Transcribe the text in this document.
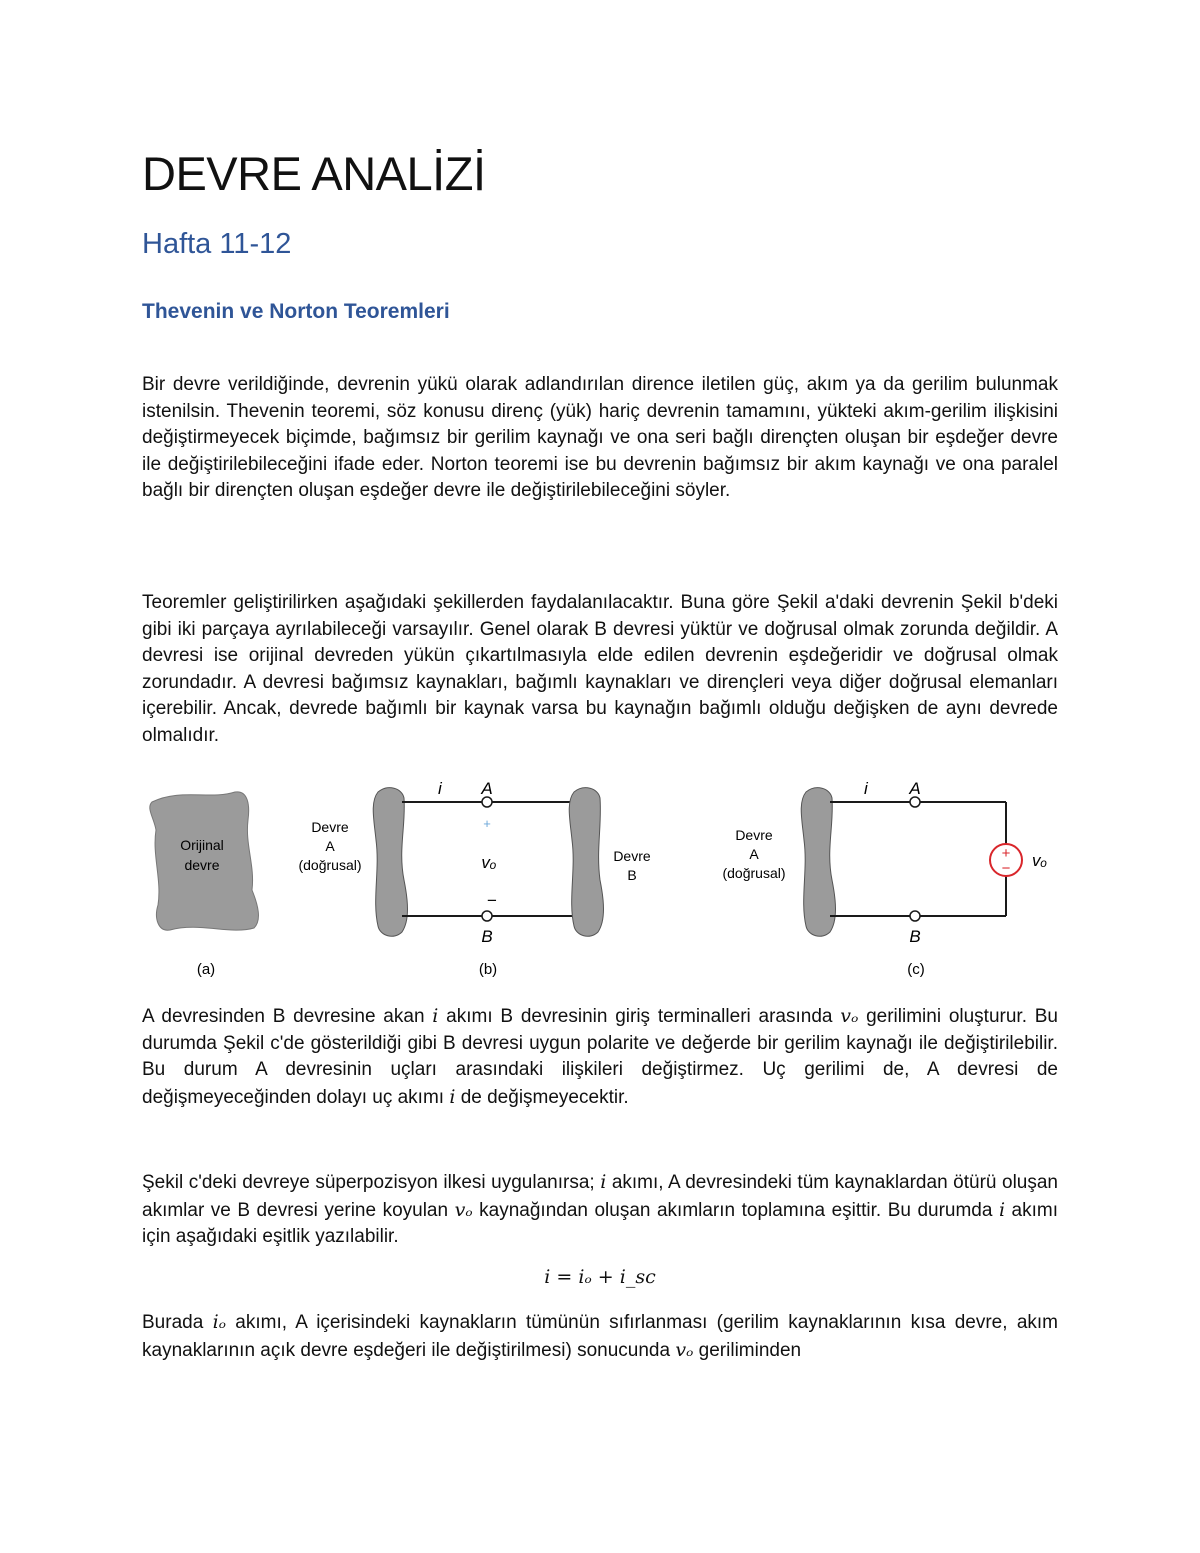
DEVRE ANALİZİ
Hafta 11-12
Thevenin ve Norton Teoremleri

Bir devre verildiğinde, devrenin yükü olarak adlandırılan dirence iletilen güç, akım ya da gerilim bulunmak istenilsin. Thevenin teoremi, söz konusu direnç (yük) hariç devrenin tamamını, yükteki akım-gerilim ilişkisini değiştirmeyecek biçimde, bağımsız bir gerilim kaynağı ve ona seri bağlı dirençten oluşan bir eşdeğer devre ile değiştirilebileceğini ifade eder. Norton teoremi ise bu devrenin bağımsız bir akım kaynağı ve ona paralel bağlı bir dirençten oluşan eşdeğer devre ile değiştirilebileceğini söyler.

Teoremler geliştirilirken aşağıdaki şekillerden faydalanılacaktır. Buna göre Şekil a'daki devrenin Şekil b'deki gibi iki parçaya ayrılabileceği varsayılır. Genel olarak B devresi yüktür ve doğrusal olmak zorunda değildir. A devresi ise orijinal devreden yükün çıkartılmasıyla elde edilen devrenin eşdeğeridir ve doğrusal olmak zorundadır. A devresi bağımsız kaynakları, bağımlı kaynakları ve dirençleri veya diğer doğrusal elemanları içerebilir. Ancak, devrede bağımlı bir kaynak varsa bu kaynağın bağımlı olduğu değişken de aynı devrede olmalıdır.

Orijinal
devre
(a)
Devre
A
(doğrusal)
i A
B
+
vₒ
−
Devre
B
(b)
Devre
A
(doğrusal)
+
−
i A
B
vₒ
(c)

A devresinden B devresine akan i akımı B devresinin giriş terminalleri arasında vₒ gerilimini oluşturur. Bu durumda Şekil c'de gösterildiği gibi B devresi uygun polarite ve değerde bir gerilim kaynağı ile değiştirilebilir. Bu durum A devresinin uçları arasındaki ilişkileri değiştirmez. Uç gerilimi de, A devresi de değişmeyeceğinden dolayı uç akımı i de değişmeyecektir.

Şekil c'deki devreye süperpozisyon ilkesi uygulanırsa; i akımı, A devresindeki tüm kaynaklardan ötürü oluşan akımlar ve B devresi yerine koyulan vₒ kaynağından oluşan akımların toplamına eşittir. Bu durumda i akımı için aşağıdaki eşitlik yazılabilir.

i = iₒ + i_sc

Burada iₒ akımı, A içerisindeki kaynakların tümünün sıfırlanması (gerilim kaynaklarının kısa devre, akım kaynaklarının açık devre eşdeğeri ile değiştirilmesi) sonucunda vₒ geriliminden
